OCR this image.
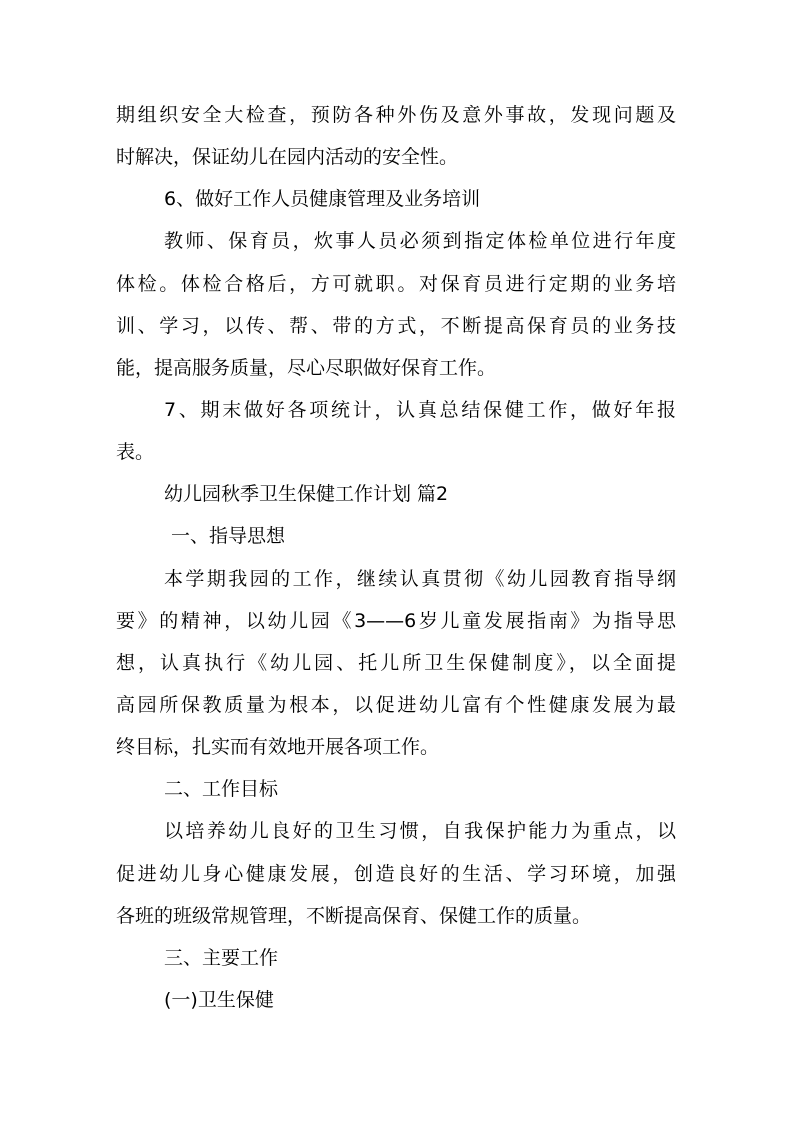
期组织安全大检查，预防各种外伤及意外事故，发现问题及
时解决，保证幼儿在园内活动的安全性。
6、做好工作人员健康管理及业务培训
教师、保育员，炊事人员必须到指定体检单位进行年度
体检。体检合格后，方可就职。对保育员进行定期的业务培
训、学习，以传、帮、带的方式，不断提高保育员的业务技
能，提高服务质量，尽心尽职做好保育工作。
7、期末做好各项统计，认真总结保健工作，做好年报
表。
幼儿园秋季卫生保健工作计划 篇2
一、指导思想
本学期我园的工作，继续认真贯彻《幼儿园教育指导纲
要》的精神，以幼儿园《3——6岁儿童发展指南》为指导思
想，认真执行《幼儿园、托儿所卫生保健制度》，以全面提
高园所保教质量为根本，以促进幼儿富有个性健康发展为最
终目标，扎实而有效地开展各项工作。
二、工作目标
以培养幼儿良好的卫生习惯，自我保护能力为重点，以
促进幼儿身心健康发展，创造良好的生活、学习环境，加强
各班的班级常规管理，不断提高保育、保健工作的质量。
三、主要工作
(一)卫生保健
